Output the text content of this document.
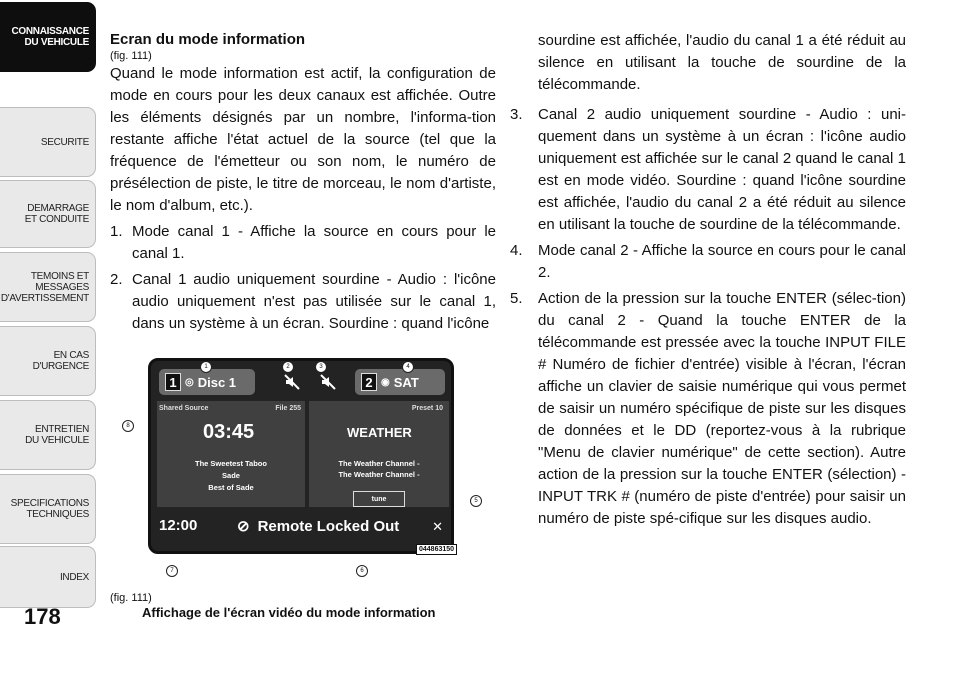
CONNAISSANCE
DU VEHICULE
SECURITE
DEMARRAGE
ET CONDUITE
TEMOINS ET
MESSAGES
D'AVERTISSEMENT
EN CAS
D'URGENCE
ENTRETIEN
DU VEHICULE
SPECIFICATIONS
TECHNIQUES
INDEX
178

Ecran du mode information

(fig. 111)

Quand le mode information est actif, la configuration de mode en cours pour les deux canaux est affichée. Outre les éléments désignés par un nombre, l'informa-tion restante affiche l'état actuel de la source (tel que la fréquence de l'émetteur ou son nom, le numéro de présélection de piste, le titre de morceau, le nom d'artiste, le nom d'album, etc.).

1. Mode canal 1 - Affiche la source en cours pour le canal 1.
2. Canal 1 audio uniquement sourdine - Audio : l'icône audio uniquement n'est pas utilisée sur le canal 1, dans un système à un écran. Sourdine : quand l'icône

sourdine est affichée, l'audio du canal 1 a été réduit au silence en utilisant la touche de sourdine de la télécommande.

3. Canal 2 audio uniquement sourdine - Audio : uni-quement dans un système à un écran : l'icône audio uniquement est affichée sur le canal 2 quand le canal 1 est en mode vidéo. Sourdine : quand l'icône sourdine est affichée, l'audio du canal 2 a été réduit au silence en utilisant la touche de sourdine de la télécommande.
4. Mode canal 2 - Affiche la source en cours pour le canal 2.
5. Action de la pression sur la touche ENTER (sélec-tion) du canal 2 - Quand la touche ENTER de la télécommande est pressée avec la touche INPUT FILE # Numéro de fichier d'entrée) visible à l'écran, l'écran affiche un clavier de saisie numérique qui vous permet de saisir un numéro spécifique de piste sur les disques de données et le DD (reportez-vous à la rubrique "Menu de clavier numérique" de cette section). Autre action de la pression sur la touche ENTER (sélection) - INPUT TRK # (numéro de piste d'entrée) pour saisir un numéro de piste spé-cifique sur les disques audio.
1 ◎ Disc 1	2 ◉ SAT
Shared Source	File 255
03:45
The Sweetest Taboo
Sade
Best of Sade
Preset 10
WEATHER
The Weather Channel -
The Weather Channel -
tune
12:00	⊘ Remote Locked Out	✕
044863150
1	2	3	4
5
6
7
8
(fig. 111)
Affichage de l'écran vidéo du mode information
